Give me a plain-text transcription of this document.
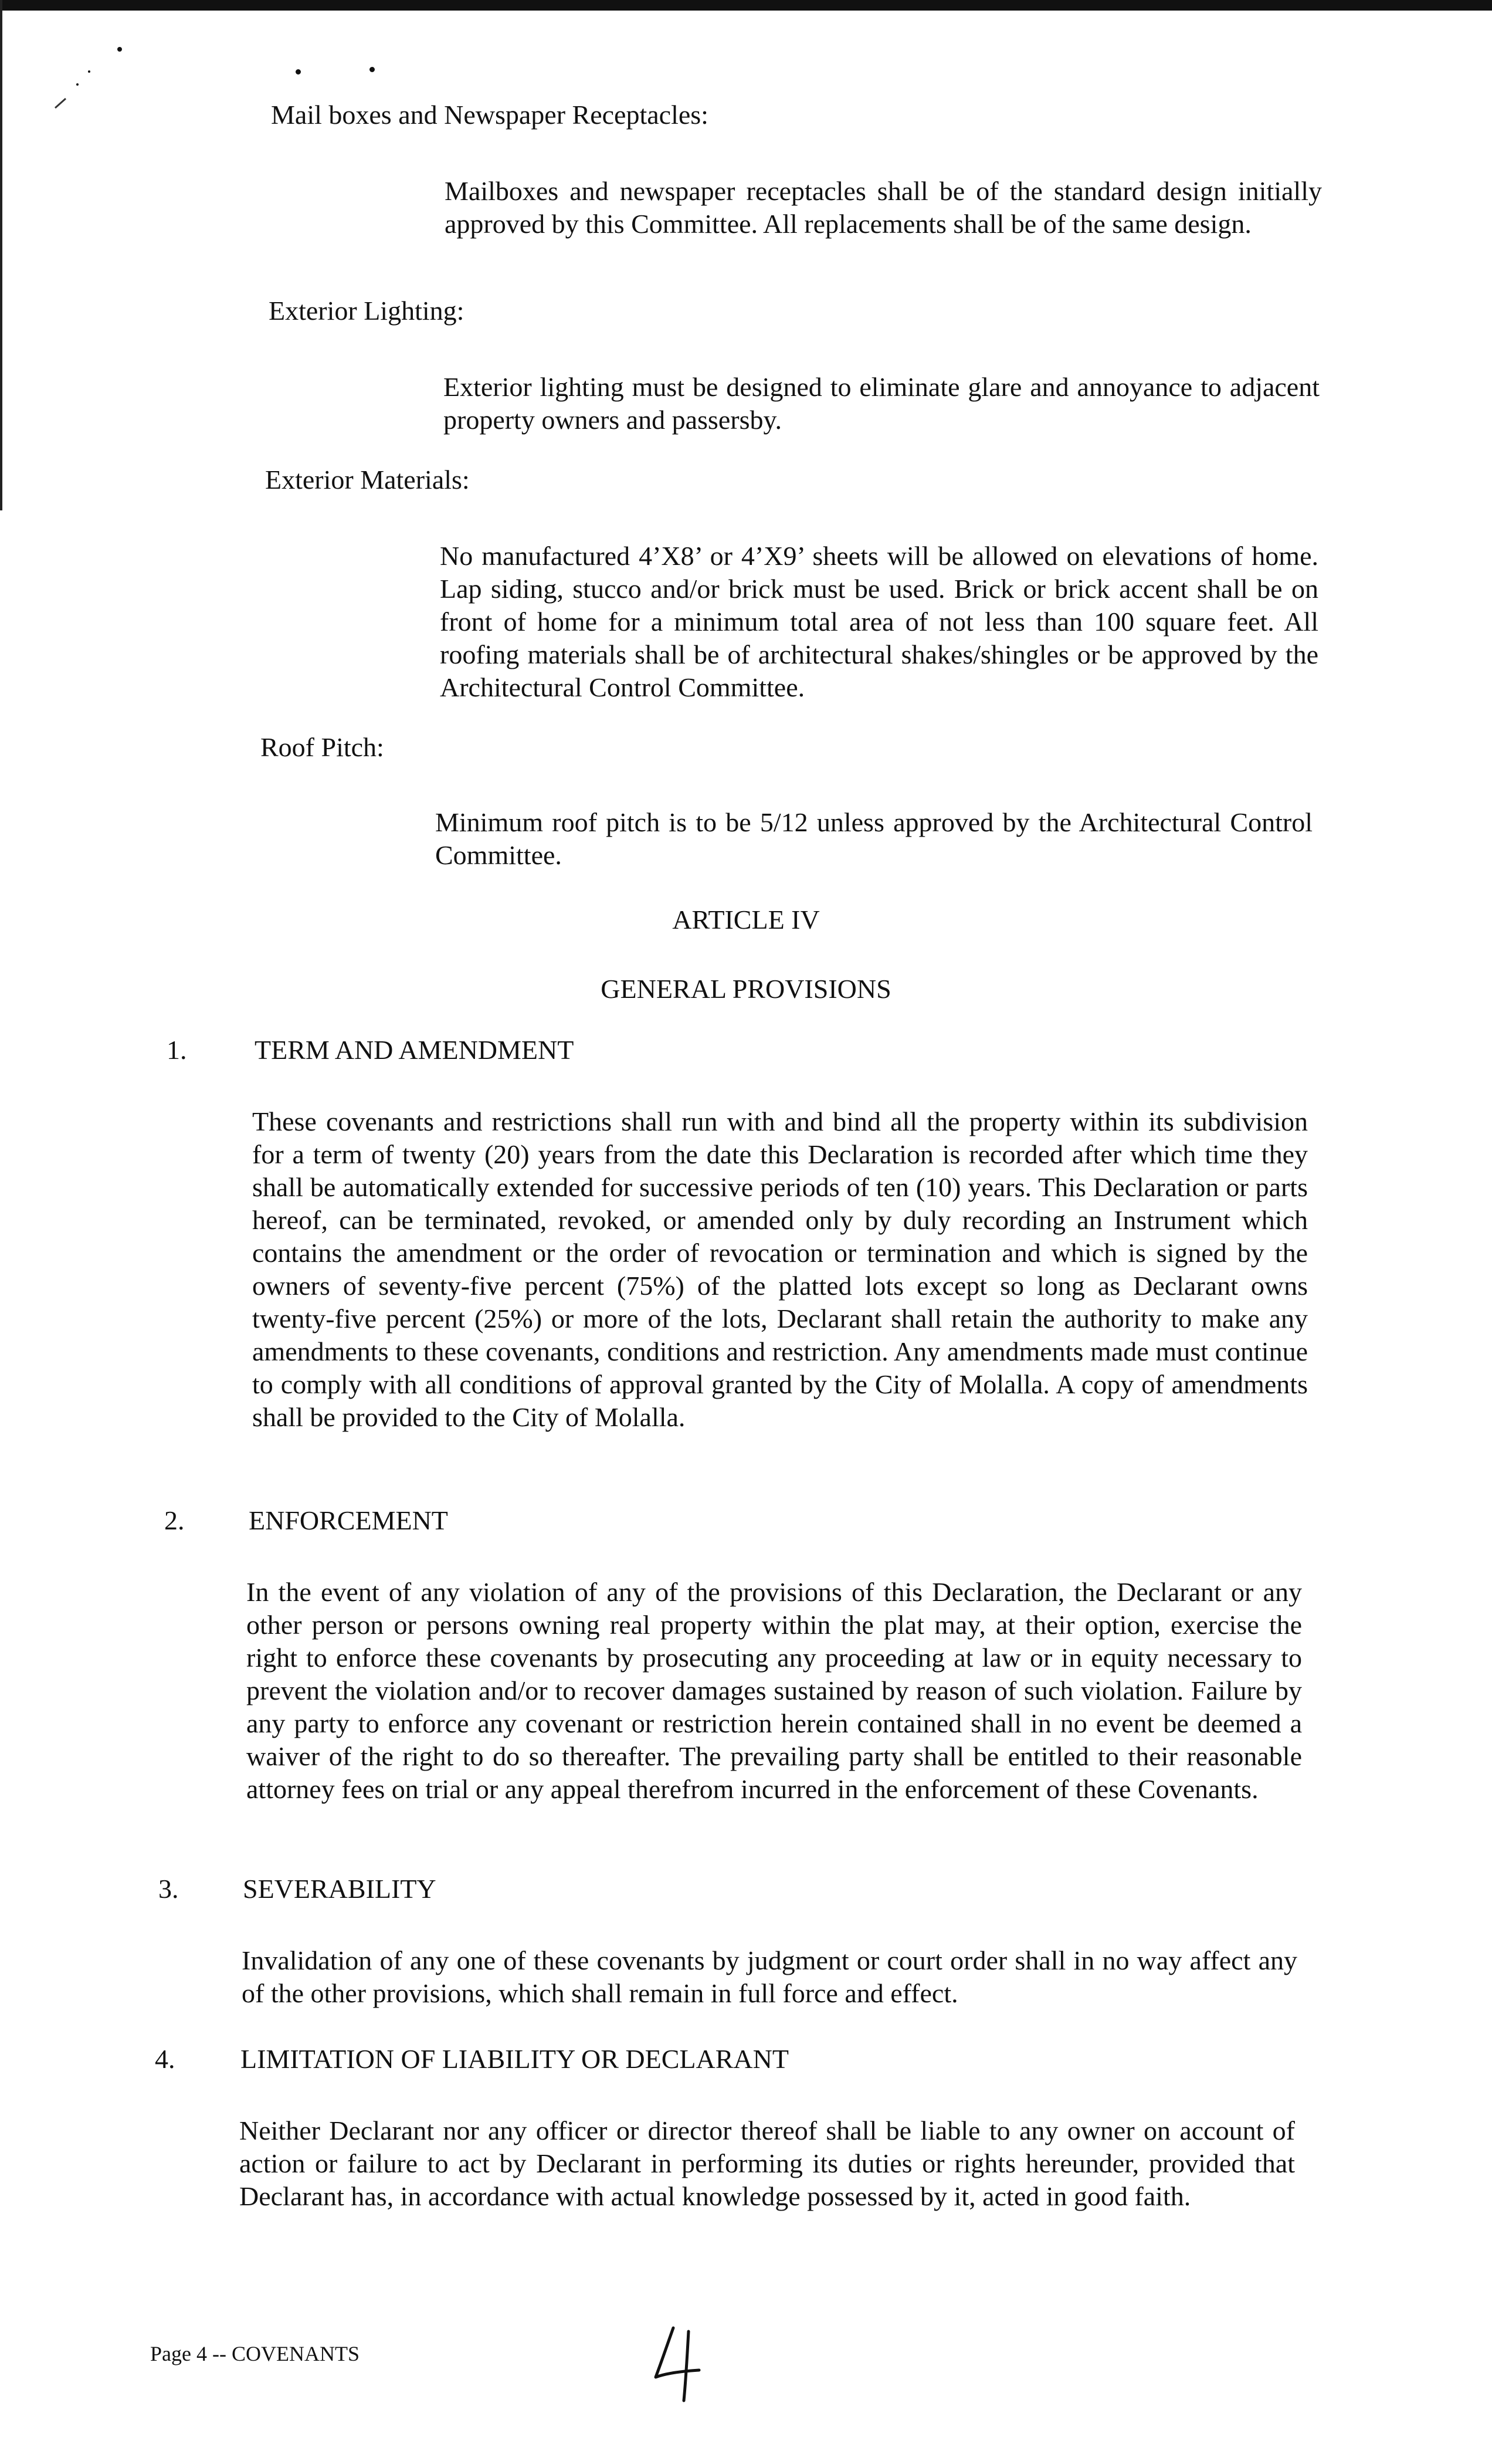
Mail boxes and Newspaper Receptacles:
Mailboxes and newspaper receptacles shall be of the standard design initially approved by this Committee. All replacements shall be of the same design.
Exterior Lighting:
Exterior lighting must be designed to eliminate glare and annoyance to adjacent property owners and passersby.
Exterior Materials:
No manufactured 4’X8’ or 4’X9’ sheets will be allowed on elevations of home. Lap siding, stucco and/or brick must be used. Brick or brick accent shall be on front of home for a minimum total area of not less than 100 square feet. All roofing materials shall be of architectural shakes/shingles or be approved by the Architectural Control Committee.
Roof Pitch:
Minimum roof pitch is to be 5/12 unless approved by the Architectural Control Committee.
ARTICLE IV
GENERAL PROVISIONS
1.	TERM AND AMENDMENT
These covenants and restrictions shall run with and bind all the property within its subdivision for a term of twenty (20) years from the date this Declaration is recorded after which time they shall be automatically extended for successive periods of ten (10) years. This Declaration or parts hereof, can be terminated, revoked, or amended only by duly recording an Instrument which contains the amendment or the order of revocation or termination and which is signed by the owners of seventy-five percent (75%) of the platted lots except so long as Declarant owns twenty-five percent (25%) or more of the lots, Declarant shall retain the authority to make any amendments to these covenants, conditions and restriction. Any amendments made must continue to comply with all conditions of approval granted by the City of Molalla. A copy of amendments shall be provided to the City of Molalla.
2. ENFORCEMENT
In the event of any violation of any of the provisions of this Declaration, the Declarant or any other person or persons owning real property within the plat may, at their option, exercise the right to enforce these covenants by prosecuting any proceeding at law or in equity necessary to prevent the violation and/or to recover damages sustained by reason of such violation. Failure by any party to enforce any covenant or restriction herein contained shall in no event be deemed a waiver of the right to do so thereafter. The prevailing party shall be entitled to their reasonable attorney fees on trial or any appeal therefrom incurred in the enforcement of these Covenants.
3. SEVERABILITY
Invalidation of any one of these covenants by judgment or court order shall in no way affect any of the other provisions, which shall remain in full force and effect.
4. LIMITATION OF LIABILITY OR DECLARANT
Neither Declarant nor any officer or director thereof shall be liable to any owner on account of action or failure to act by Declarant in performing its duties or rights hereunder, provided that Declarant has, in accordance with actual knowledge possessed by it, acted in good faith.
Page 4 -- COVENANTS
